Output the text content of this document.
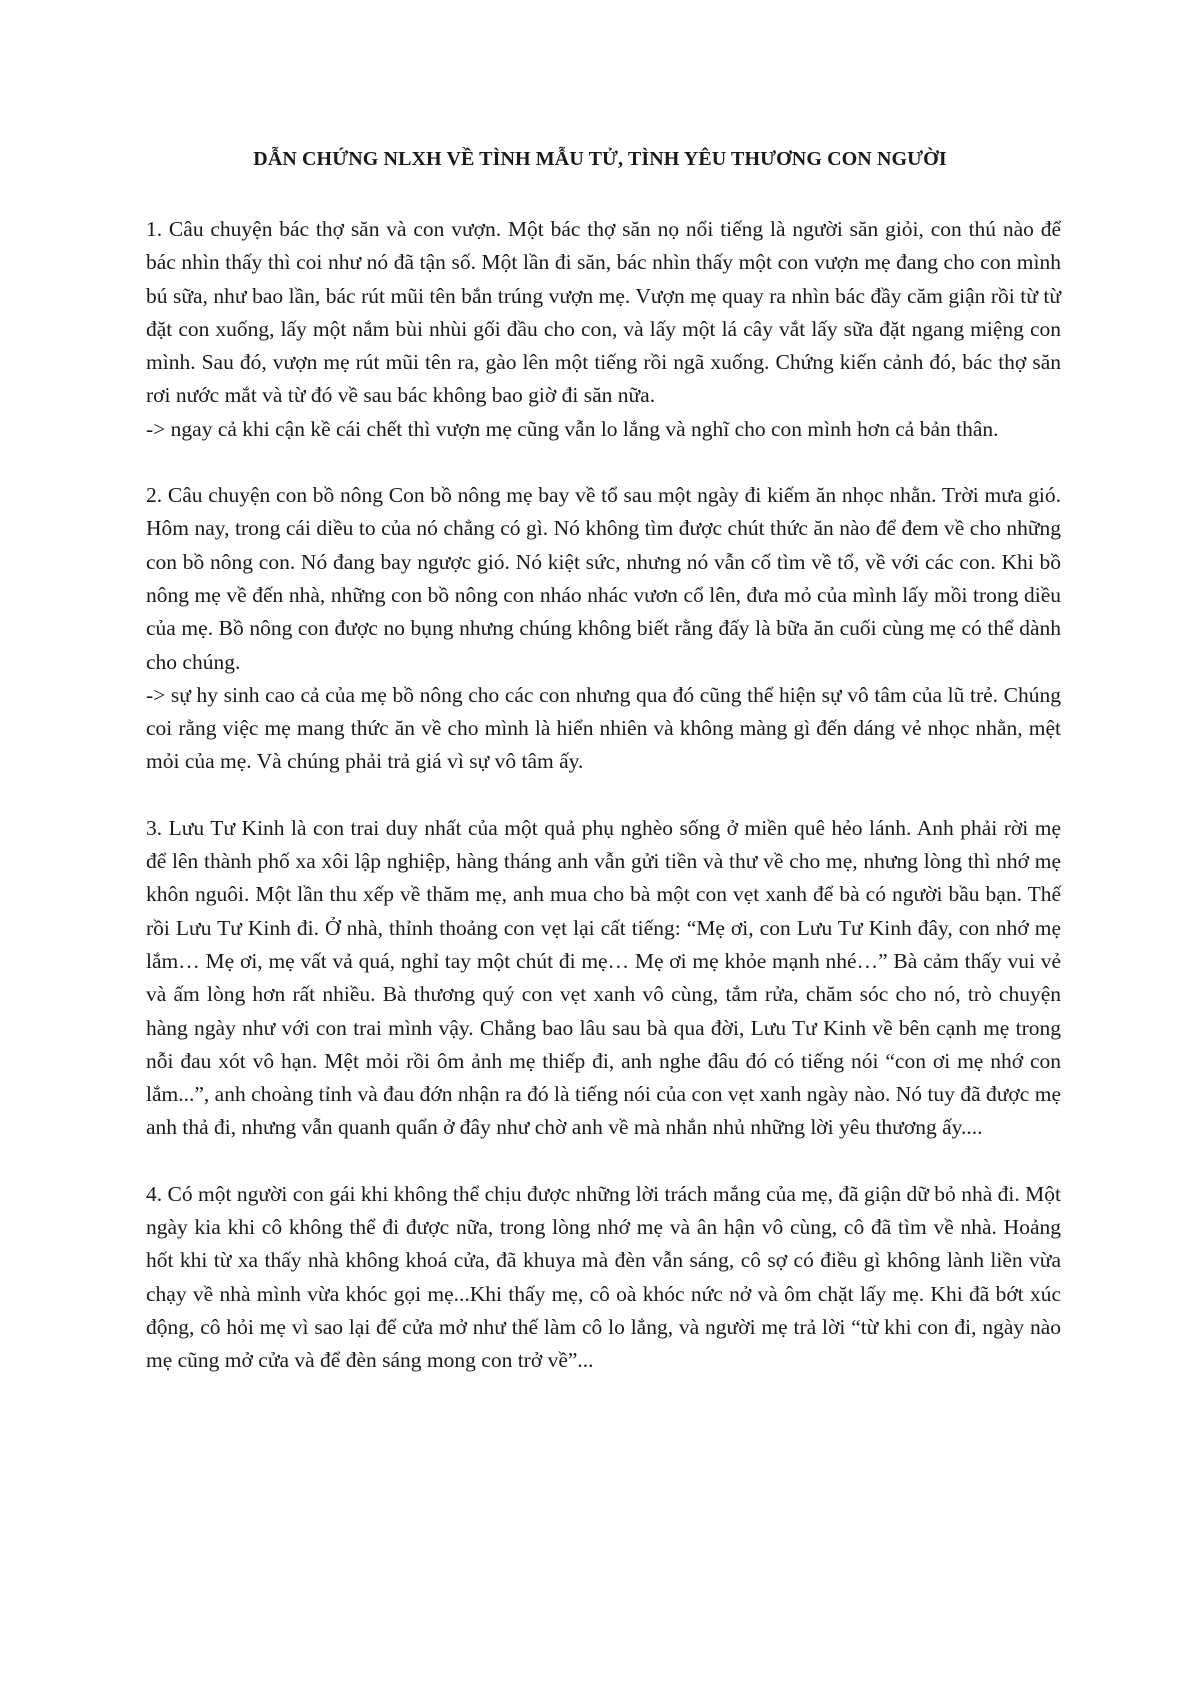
DẪN CHỨNG NLXH VỀ TÌNH MẪU TỬ, TÌNH YÊU THƯƠNG CON NGƯỜI

1. Câu chuyện bác thợ săn và con vượn. Một bác thợ săn nọ nổi tiếng là người săn giỏi, con thú nào để bác nhìn thấy thì coi như nó đã tận số. Một lần đi săn, bác nhìn thấy một con vượn mẹ đang cho con mình bú sữa, như bao lần, bác rút mũi tên bắn trúng vượn mẹ. Vượn mẹ quay ra nhìn bác đầy căm giận rồi từ từ đặt con xuống, lấy một nắm bùi nhùi gối đầu cho con, và lấy một lá cây vắt lấy sữa đặt ngang miệng con mình. Sau đó, vượn mẹ rút mũi tên ra, gào lên một tiếng rồi ngã xuống. Chứng kiến cảnh đó, bác thợ săn rơi nước mắt và từ đó về sau bác không bao giờ đi săn nữa.

-> ngay cả khi cận kề cái chết thì vượn mẹ cũng vẫn lo lắng và nghĩ cho con mình hơn cả bản thân.

2. Câu chuyện con bồ nông Con bồ nông mẹ bay về tổ sau một ngày đi kiếm ăn nhọc nhằn. Trời mưa gió. Hôm nay, trong cái diều to của nó chẳng có gì. Nó không tìm được chút thức ăn nào để đem về cho những con bồ nông con. Nó đang bay ngược gió. Nó kiệt sức, nhưng nó vẫn cố tìm về tổ, về với các con. Khi bồ nông mẹ về đến nhà, những con bồ nông con nháo nhác vươn cổ lên, đưa mỏ của mình lấy mồi trong diều của mẹ. Bồ nông con được no bụng nhưng chúng không biết rằng đấy là bữa ăn cuối cùng mẹ có thể dành cho chúng.

-> sự hy sinh cao cả của mẹ bồ nông cho các con nhưng qua đó cũng thể hiện sự vô tâm của lũ trẻ. Chúng coi rằng việc mẹ mang thức ăn về cho mình là hiển nhiên và không màng gì đến dáng vẻ nhọc nhằn, mệt mỏi của mẹ. Và chúng phải trả giá vì sự vô tâm ấy.

3. Lưu Tư Kinh là con trai duy nhất của một quả phụ nghèo sống ở miền quê hẻo lánh. Anh phải rời mẹ để lên thành phố xa xôi lập nghiệp, hàng tháng anh vẫn gửi tiền và thư về cho mẹ, nhưng lòng thì nhớ mẹ khôn nguôi. Một lần thu xếp về thăm mẹ, anh mua cho bà một con vẹt xanh để bà có người bầu bạn. Thế rồi Lưu Tư Kinh đi. Ở nhà, thỉnh thoảng con vẹt lại cất tiếng: “Mẹ ơi, con Lưu Tư Kinh đây, con nhớ mẹ lắm… Mẹ ơi, mẹ vất vả quá, nghỉ tay một chút đi mẹ… Mẹ ơi mẹ khỏe mạnh nhé…” Bà cảm thấy vui vẻ và ấm lòng hơn rất nhiều. Bà thương quý con vẹt xanh vô cùng, tắm rửa, chăm sóc cho nó, trò chuyện hàng ngày như với con trai mình vậy. Chẳng bao lâu sau bà qua đời, Lưu Tư Kinh về bên cạnh mẹ trong nỗi đau xót vô hạn. Mệt mỏi rồi ôm ảnh mẹ thiếp đi, anh nghe đâu đó có tiếng nói “con ơi mẹ nhớ con lắm...”, anh choàng tỉnh và đau đớn nhận ra đó là tiếng nói của con vẹt xanh ngày nào. Nó tuy đã được mẹ anh thả đi, nhưng vẫn quanh quẩn ở đây như chờ anh về mà nhắn nhủ những lời yêu thương ấy....

4. Có một người con gái khi không thể chịu được những lời trách mắng của mẹ, đã giận dữ bỏ nhà đi. Một ngày kia khi cô không thể đi được nữa, trong lòng nhớ mẹ và ân hận vô cùng, cô đã tìm về nhà. Hoảng hốt khi từ xa thấy nhà không khoá cửa, đã khuya mà đèn vẫn sáng, cô sợ có điều gì không lành liền vừa chạy về nhà mình vừa khóc gọi mẹ...Khi thấy mẹ, cô oà khóc nức nở và ôm chặt lấy mẹ. Khi đã bớt xúc động, cô hỏi mẹ vì sao lại để cửa mở như thế làm cô lo lắng, và người mẹ trả lời “từ khi con đi, ngày nào mẹ cũng mở cửa và để đèn sáng mong con trở về”...
